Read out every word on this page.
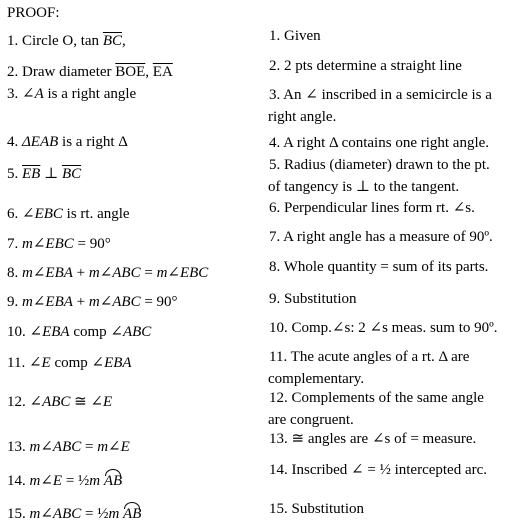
PROOF:
1. Circle O, $\tan \overline{BC}$,
2. Draw diameter $\overline{BOE}$, $\overline{EA}$
3. ∠A is a right angle
4. ΔEAB is a right Δ
5. $\overline{EB}$ ⊥ $\overline{BC}$
6. ∠EBC is rt. angle
7. m∠EBC = 90°
8. m∠EBA + m∠ABC = m∠EBC
9. m∠EBA + m∠ABC = 90°
10. ∠EBA comp ∠ABC
11. ∠E comp ∠EBA
12. ∠ABC ≅ ∠E
13. m∠ABC = m∠E
14. m∠E = ½m AB
15. m∠ABC = ½m AB
1. Given
2. 2 pts determine a straight line
3. An ∠ inscribed in a semicircle is a
right angle.
4. A right Δ contains one right angle.
5. Radius (diameter) drawn to the pt.
of tangency is ⊥ to the tangent.
6. Perpendicular lines form rt. ∠s.
7. A right angle has a measure of 90º.
8. Whole quantity = sum of its parts.
9. Substitution
10. Comp.∠s: 2 ∠s meas. sum to 90º.
11. The acute angles of a rt. Δ are
complementary.
12. Complements of the same angle
are congruent.
13. ≅ angles are ∠s of = measure.
14. Inscribed ∠ = ½ intercepted arc.
15. Substitution
